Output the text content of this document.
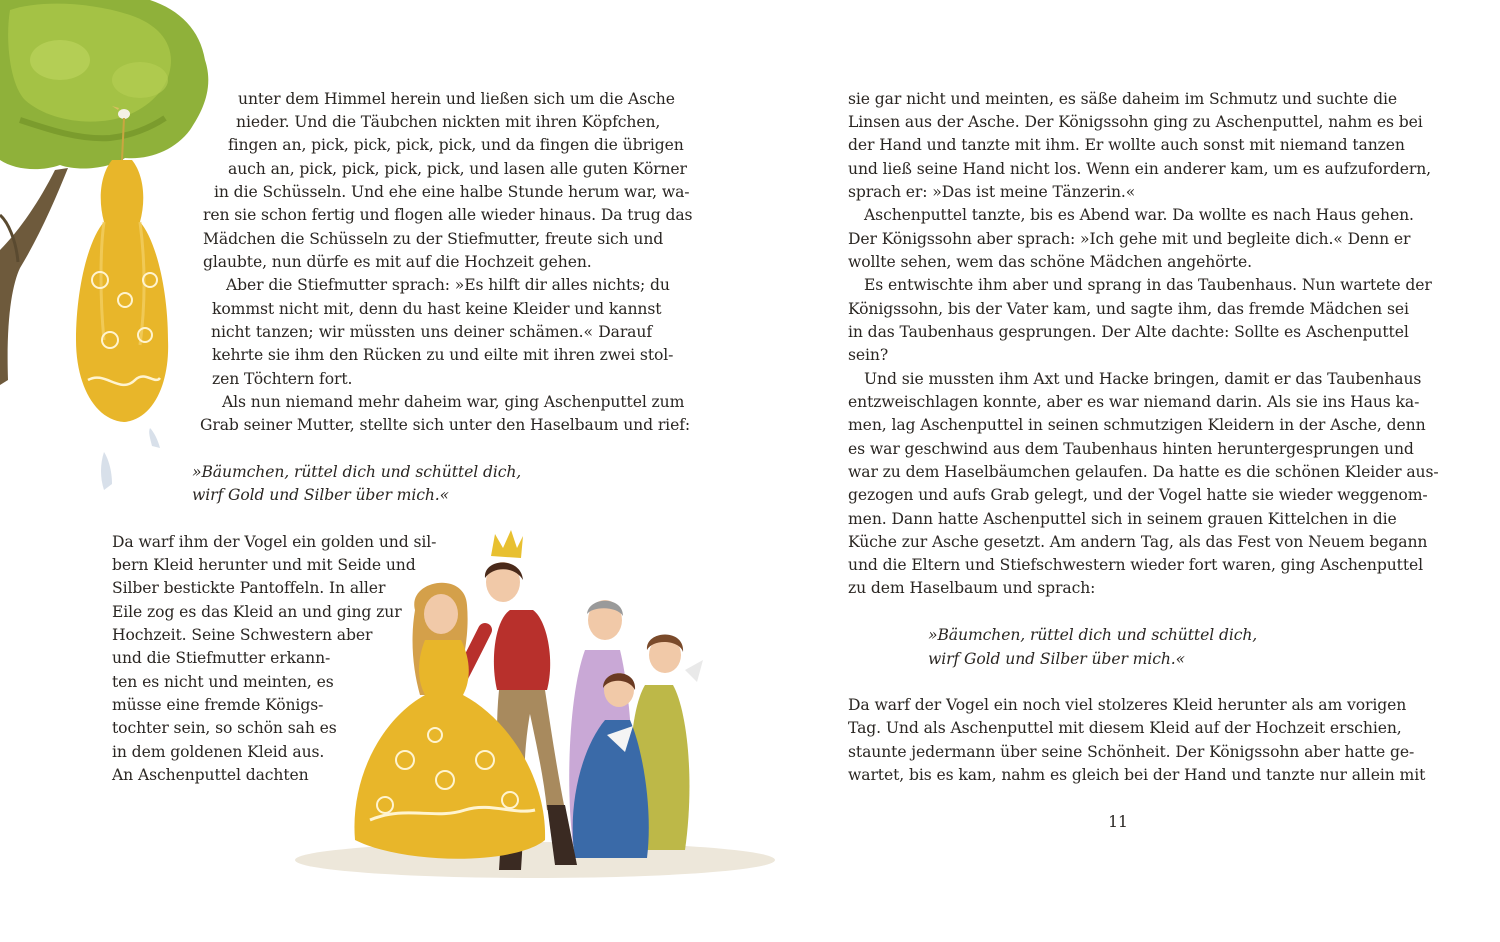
unter dem Himmel herein und ließen sich um die Asche
nieder. Und die Täubchen nickten mit ihren Köpfchen,
fingen an, pick, pick, pick, pick, und da fingen die übrigen
auch an, pick, pick, pick, pick, und lasen alle guten Körner
in die Schüsseln. Und ehe eine halbe Stunde herum war, wa-
ren sie schon fertig und flogen alle wieder hinaus. Da trug das
Mädchen die Schüsseln zu der Stiefmutter, freute sich und
glaubte, nun dürfe es mit auf die Hochzeit gehen.
Aber die Stiefmutter sprach: »Es hilft dir alles nichts; du
kommst nicht mit, denn du hast keine Kleider und kannst
nicht tanzen; wir müssten uns deiner schämen.« Darauf
kehrte sie ihm den Rücken zu und eilte mit ihren zwei stol-
zen Töchtern fort.
Als nun niemand mehr daheim war, ging Aschenputtel zum
Grab seiner Mutter, stellte sich unter den Haselbaum und rief:
»Bäumchen, rüttel dich und schüttel dich,
wirf Gold und Silber über mich.«
Da warf ihm der Vogel ein golden und sil-
bern Kleid herunter und mit Seide und
Silber bestickte Pantoffeln. In aller
Eile zog es das Kleid an und ging zur
Hochzeit. Seine Schwestern aber
und die Stiefmutter erkann-
ten es nicht und meinten, es
müsse eine fremde Königs-
tochter sein, so schön sah es
in dem goldenen Kleid aus.
An Aschenputtel dachten
sie gar nicht und meinten, es säße daheim im Schmutz und suchte die
Linsen aus der Asche. Der Königssohn ging zu Aschenputtel, nahm es bei
der Hand und tanzte mit ihm. Er wollte auch sonst mit niemand tanzen
und ließ seine Hand nicht los. Wenn ein anderer kam, um es aufzufordern,
sprach er: »Das ist meine Tänzerin.«
Aschenputtel tanzte, bis es Abend war. Da wollte es nach Haus gehen.
Der Königssohn aber sprach: »Ich gehe mit und begleite dich.« Denn er
wollte sehen, wem das schöne Mädchen angehörte.
Es entwischte ihm aber und sprang in das Taubenhaus. Nun wartete der
Königssohn, bis der Vater kam, und sagte ihm, das fremde Mädchen sei
in das Taubenhaus gesprungen. Der Alte dachte: Sollte es Aschenputtel
sein?
Und sie mussten ihm Axt und Hacke bringen, damit er das Taubenhaus
entzweischlagen konnte, aber es war niemand darin. Als sie ins Haus ka-
men, lag Aschenputtel in seinen schmutzigen Kleidern in der Asche, denn
es war geschwind aus dem Taubenhaus hinten heruntergesprungen und
war zu dem Haselbäumchen gelaufen. Da hatte es die schönen Kleider aus-
gezogen und aufs Grab gelegt, und der Vogel hatte sie wieder weggenom-
men. Dann hatte Aschenputtel sich in seinem grauen Kittelchen in die
Küche zur Asche gesetzt. Am andern Tag, als das Fest von Neuem begann
und die Eltern und Stiefschwestern wieder fort waren, ging Aschenputtel
zu dem Haselbaum und sprach:
»Bäumchen, rüttel dich und schüttel dich,
wirf Gold und Silber über mich.«
Da warf der Vogel ein noch viel stolzeres Kleid herunter als am vorigen
Tag. Und als Aschenputtel mit diesem Kleid auf der Hochzeit erschien,
staunte jedermann über seine Schönheit. Der Königssohn aber hatte ge-
wartet, bis es kam, nahm es gleich bei der Hand und tanzte nur allein mit
11
